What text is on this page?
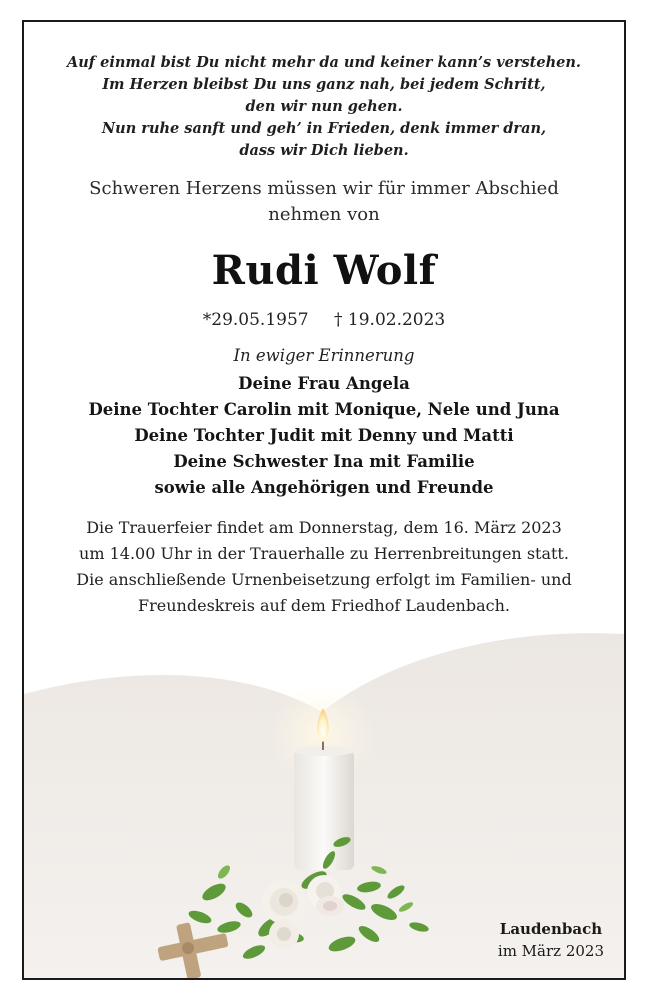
Auf einmal bist Du nicht mehr da und keiner kann’s verstehen.
Im Herzen bleibst Du uns ganz nah, bei jedem Schritt,
den wir nun gehen.
Nun ruhe sanft und geh’ in Frieden, denk immer dran,
dass wir Dich lieben.
Schweren Herzens müssen wir für immer Abschied
nehmen von
Rudi Wolf
*29.05.1957 † 19.02.2023
In ewiger Erinnerung
Deine Frau Angela
Deine Tochter Carolin mit Monique, Nele und Juna
Deine Tochter Judit mit Denny und Matti
Deine Schwester Ina mit Familie
sowie alle Angehörigen und Freunde
Die Trauerfeier findet am Donnerstag, dem 16. März 2023
um 14.00 Uhr in der Trauerhalle zu Herrenbreitungen statt.
Die anschließende Urnenbeisetzung erfolgt im Familien- und
Freundeskreis auf dem Friedhof Laudenbach.
Laudenbach
im März 2023
